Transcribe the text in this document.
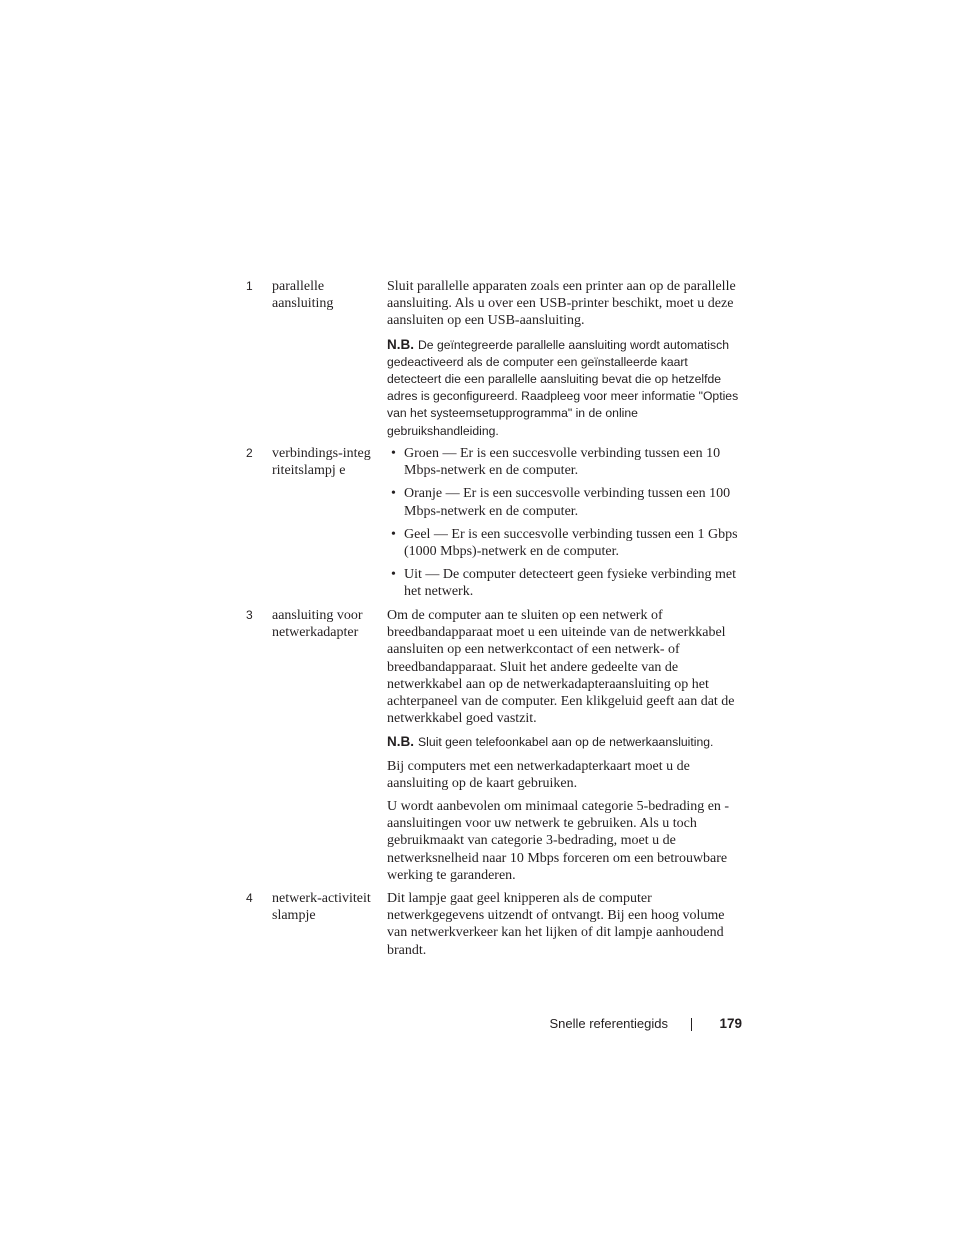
1	parallelle aansluiting

Sluit parallelle apparaten zoals een printer aan op de parallelle aansluiting. Als u over een USB-printer beschikt, moet u deze aansluiten op een USB-aansluiting.

N.B. De geïntegreerde parallelle aansluiting wordt automatisch gedeactiveerd als de computer een geïnstalleerde kaart detecteert die een parallelle aansluiting bevat die op hetzelfde adres is geconfigureerd. Raadpleeg voor meer informatie "Opties van het systeemsetupprogramma" in de online gebruikshandleiding.

2	verbindings-integriteitslampj e
• Groen — Er is een succesvolle verbinding tussen een 10 Mbps-netwerk en de computer.
• Oranje — Er is een succesvolle verbinding tussen een 100 Mbps-netwerk en de computer.
• Geel — Er is een succesvolle verbinding tussen een 1 Gbps (1000 Mbps)-netwerk en de computer.
• Uit — De computer detecteert geen fysieke verbinding met het netwerk.
3	aansluiting voor netwerkadapter

Om de computer aan te sluiten op een netwerk of breedbandapparaat moet u een uiteinde van de netwerkkabel aansluiten op een netwerkcontact of een netwerk- of breedbandapparaat. Sluit het andere gedeelte van de netwerkkabel aan op de netwerkadapteraansluiting op het achterpaneel van de computer. Een klikgeluid geeft aan dat de netwerkkabel goed vastzit.

N.B. Sluit geen telefoonkabel aan op de netwerkaansluiting.

Bij computers met een netwerkadapterkaart moet u de aansluiting op de kaart gebruiken.

U wordt aanbevolen om minimaal categorie 5-bedrading en -aansluitingen voor uw netwerk te gebruiken. Als u toch gebruikmaakt van categorie 3-bedrading, moet u de netwerksnelheid naar 10 Mbps forceren om een betrouwbare werking te garanderen.

4	netwerk-activiteitslampje

Dit lampje gaat geel knipperen als de computer netwerkgegevens uitzendt of ontvangt. Bij een hoog volume van netwerkverkeer kan het lijken of dit lampje aanhoudend brandt.

Snelle referentiegids	179
